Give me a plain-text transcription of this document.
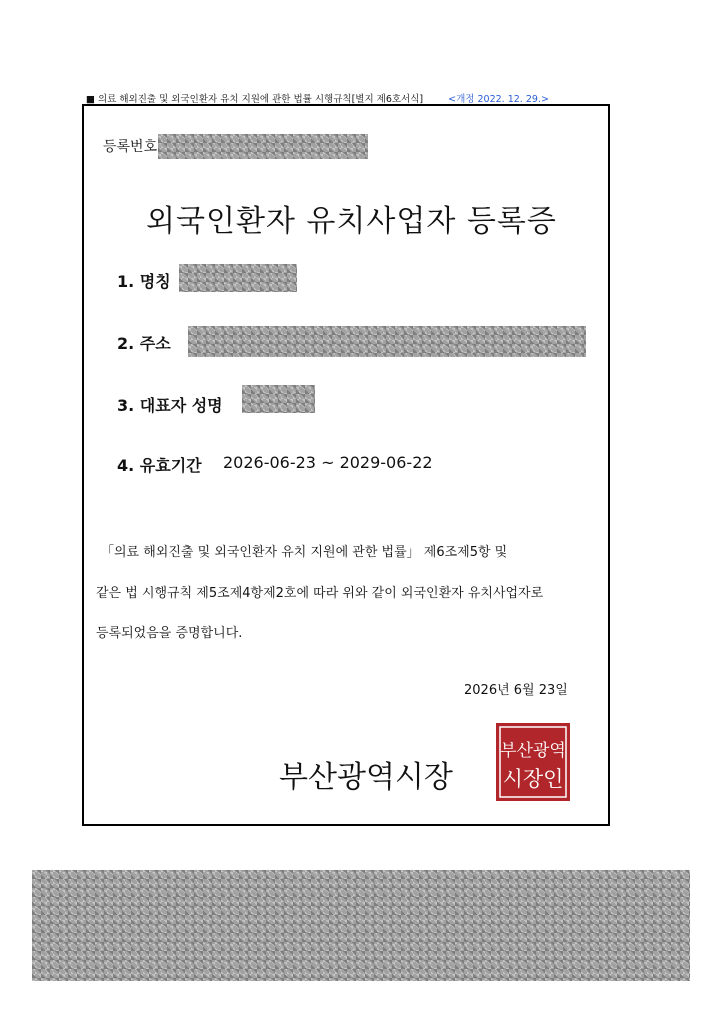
■ 의료 해외진출 및 외국인환자 유치 지원에 관한 법률 시행규칙[별지 제6호서식]	<개정 2022. 12. 29.>
등록번호
외국인환자 유치사업자 등록증
1. 명칭
2. 주소
3. 대표자 성명
4. 유효기간 2026-06-23 ~ 2029-06-22
「의료 해외진출 및 외국인환자 유치 지원에 관한 법률」 제6조제5항 및
같은 법 시행규칙 제5조제4항제2호에 따라 위와 같이 외국인환자 유치사업자로
등록되었음을 증명합니다.
2026년 6월 23일
부산광역시장
부산광역
시장인
